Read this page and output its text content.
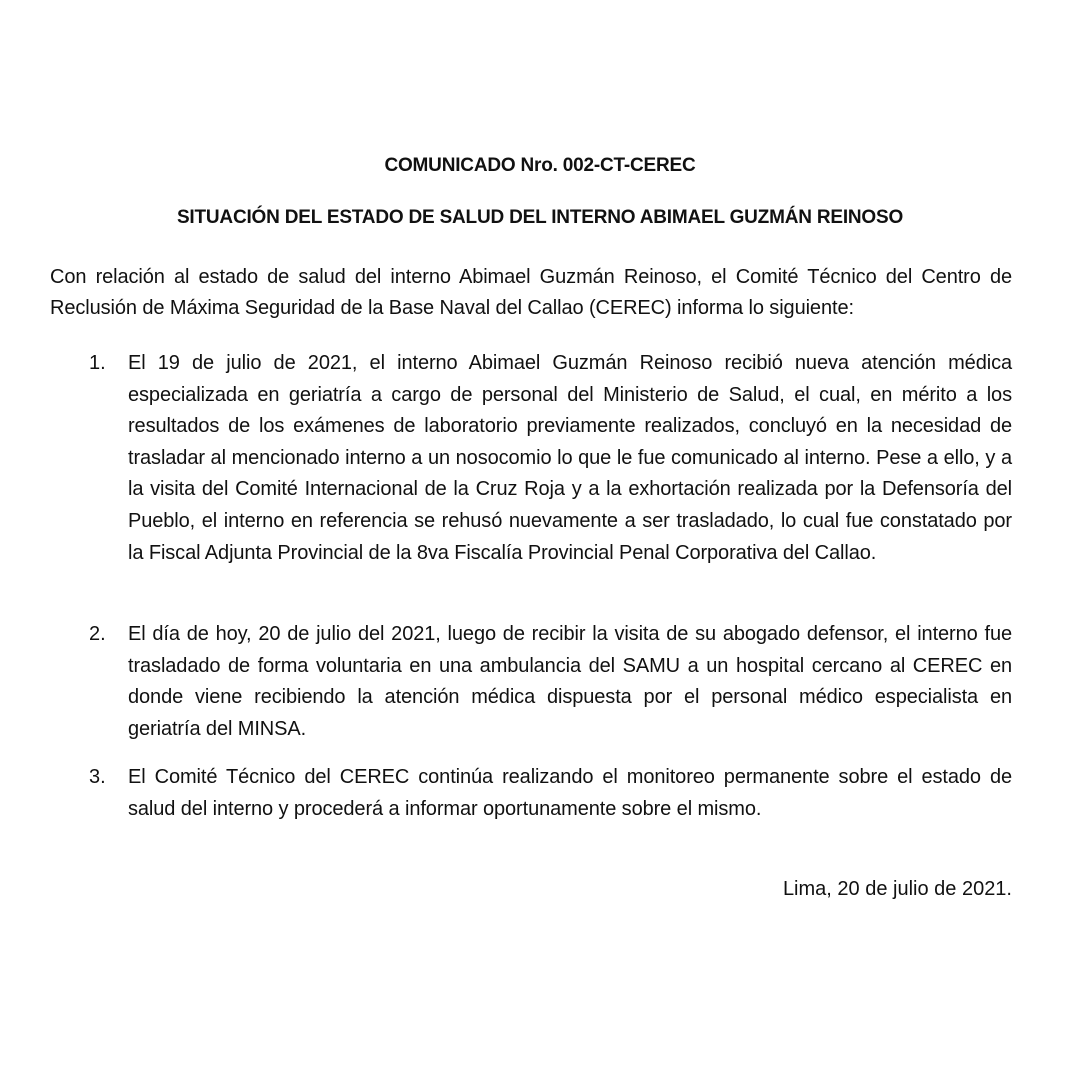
COMUNICADO Nro. 002-CT-CEREC
SITUACIÓN DEL ESTADO DE SALUD DEL INTERNO ABIMAEL GUZMÁN REINOSO
Con relación al estado de salud del interno Abimael Guzmán Reinoso, el Comité Técnico del Centro de Reclusión de Máxima Seguridad de la Base Naval del Callao (CEREC) informa lo siguiente:
1. El 19 de julio de 2021, el interno Abimael Guzmán Reinoso recibió nueva atención médica especializada en geriatría a cargo de personal del Ministerio de Salud, el cual, en mérito a los resultados de los exámenes de laboratorio previamente realizados, concluyó en la necesidad de trasladar al mencionado interno a un nosocomio lo que le fue comunicado al interno. Pese a ello, y a la visita del Comité Internacional de la Cruz Roja y a la exhortación realizada por la Defensoría del Pueblo, el interno en referencia se rehusó nuevamente a ser trasladado, lo cual fue constatado por la Fiscal Adjunta Provincial de la 8va Fiscalía Provincial Penal Corporativa del Callao.
2. El día de hoy, 20 de julio del 2021, luego de recibir la visita de su abogado defensor, el interno fue trasladado de forma voluntaria en una ambulancia del SAMU a un hospital cercano al CEREC en donde viene recibiendo la atención médica dispuesta por el personal médico especialista en geriatría del MINSA.
3. El Comité Técnico del CEREC continúa realizando el monitoreo permanente sobre el estado de salud del interno y procederá a informar oportunamente sobre el mismo.
Lima, 20 de julio de 2021.
